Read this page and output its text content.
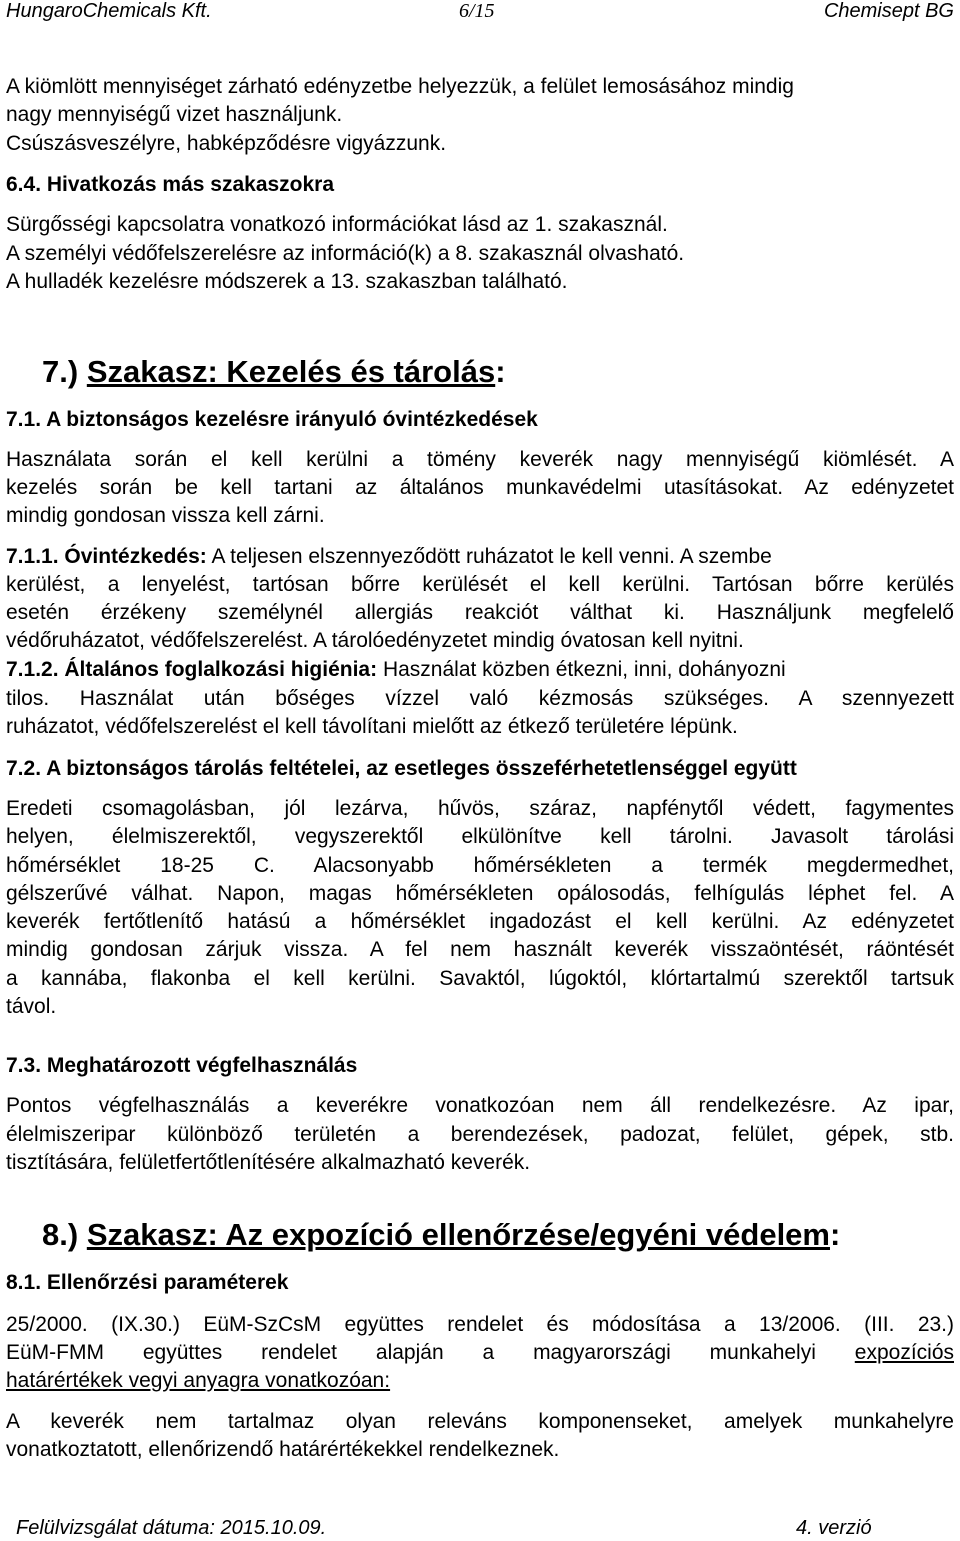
HungaroChemicals Kft.	6/15	Chemisept BG
A kiömlött mennyiséget zárható edényzetbe helyezzük, a felület lemosásához mindig
nagy mennyiségű vizet használjunk.
Csúszásveszélyre, habképződésre vigyázzunk.
6.4. Hivatkozás más szakaszokra
Sürgősségi kapcsolatra vonatkozó információkat lásd az 1. szakasznál.
A személyi védőfelszerelésre az információ(k) a 8. szakasznál olvasható.
A hulladék kezelésre módszerek a 13. szakaszban található.
7.) Szakasz: Kezelés és tárolás:
7.1. A biztonságos kezelésre irányuló óvintézkedések
Használata során el kell kerülni a tömény keverék nagy mennyiségű kiömlését. A
kezelés során be kell tartani az általános munkavédelmi utasításokat. Az edényzetet
mindig gondosan vissza kell zárni.
7.1.1. Óvintézkedés: A teljesen elszennyeződött ruházatot le kell venni. A szembe
kerülést, a lenyelést, tartósan bőrre kerülését el kell kerülni. Tartósan bőrre kerülés
esetén érzékeny személynél allergiás reakciót válthat ki. Használjunk megfelelő
védőruházatot, védőfelszerelést. A tárolóedényzetet mindig óvatosan kell nyitni.
7.1.2. Általános foglalkozási higiénia: Használat közben étkezni, inni, dohányozni
tilos. Használat után bőséges vízzel való kézmosás szükséges. A szennyezett
ruházatot, védőfelszerelést el kell távolítani mielőtt az étkező területére lépünk.
7.2. A biztonságos tárolás feltételei, az esetleges összeférhetetlenséggel együtt
Eredeti csomagolásban, jól lezárva, hűvös, száraz, napfénytől védett, fagymentes
helyen, élelmiszerektől, vegyszerektől elkülönítve kell tárolni. Javasolt tárolási
hőmérséklet 18-25 C. Alacsonyabb hőmérsékleten a termék megdermedhet,
gélszerűvé válhat. Napon, magas hőmérsékleten opálosodás, felhígulás léphet fel. A
keverék fertőtlenítő hatású a hőmérséklet ingadozást el kell kerülni. Az edényzetet
mindig gondosan zárjuk vissza. A fel nem használt keverék visszaöntését, ráöntését
a kannába, flakonba el kell kerülni. Savaktól, lúgoktól, klórtartalmú szerektől tartsuk
távol.
7.3. Meghatározott végfelhasználás
Pontos végfelhasználás a keverékre vonatkozóan nem áll rendelkezésre. Az ipar,
élelmiszeripar különböző területén a berendezések, padozat, felület, gépek, stb.
tisztítására, felületfertőtlenítésére alkalmazható keverék.
8.) Szakasz: Az expozíció ellenőrzése/egyéni védelem:
8.1. Ellenőrzési paraméterek
25/2000. (IX.30.) EüM-SzCsM együttes rendelet és módosítása a 13/2006. (III. 23.)
EüM-FMM együttes rendelet alapján a magyarországi munkahelyi expozíciós
határértékek vegyi anyagra vonatkozóan:
A keverék nem tartalmaz olyan releváns komponenseket, amelyek munkahelyre
vonatkoztatott, ellenőrizendő határértékekkel rendelkeznek.
Felülvizsgálat dátuma: 2015.10.09.	4. verzió
